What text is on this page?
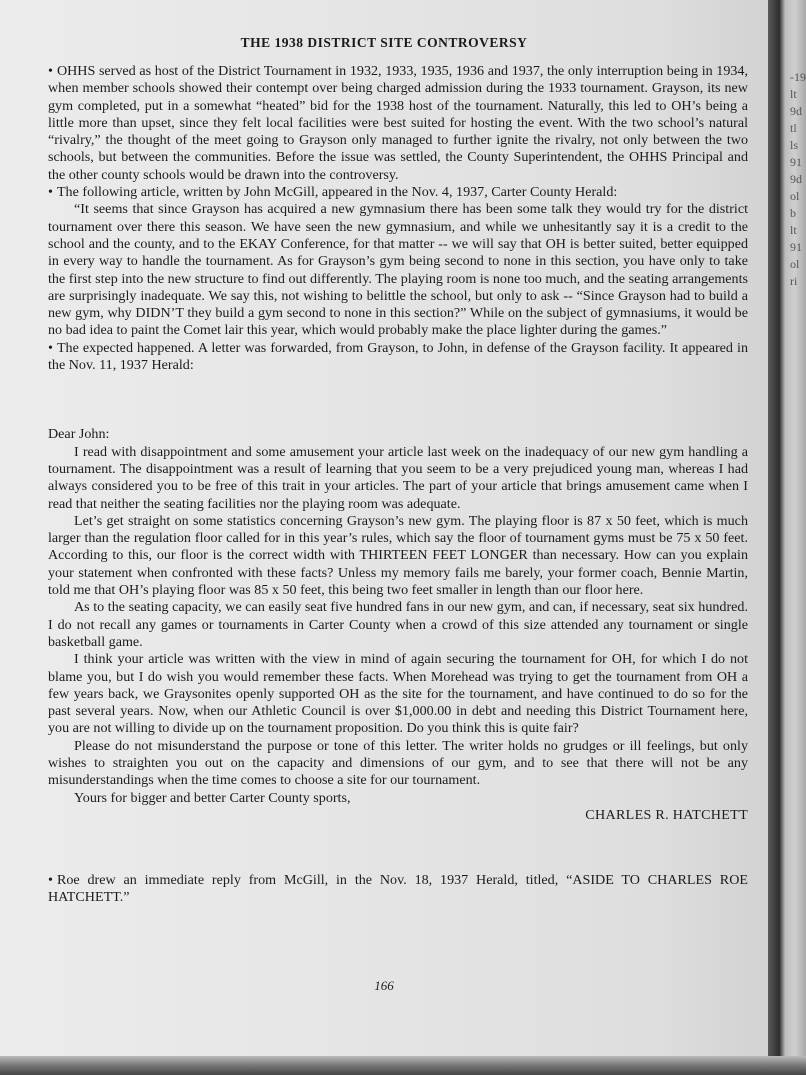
THE 1938 DISTRICT SITE CONTROVERSY

• OHHS served as host of the District Tournament in 1932, 1933, 1935, 1936 and 1937, the only interruption being in 1934, when member schools showed their contempt over being charged admission during the 1933 tournament. Grayson, its new gym completed, put in a somewhat “heated” bid for the 1938 host of the tournament. Naturally, this led to OH’s being a little more than upset, since they felt local facilities were best suited for hosting the event. With the two school’s natural “rivalry,” the thought of the meet going to Grayson only managed to further ignite the rivalry, not only between the two schools, but between the communities. Before the issue was settled, the County Superintendent, the OHHS Principal and the other county schools would be drawn into the controversy.

• The following article, written by John McGill, appeared in the Nov. 4, 1937, Carter County Herald:

“It seems that since Grayson has acquired a new gymnasium there has been some talk they would try for the district tournament over there this season. We have seen the new gymnasium, and while we unhesitantly say it is a credit to the school and the county, and to the EKAY Conference, for that matter -- we will say that OH is better suited, better equipped in every way to handle the tournament. As for Grayson’s gym being second to none in this section, you have only to take the first step into the new structure to find out differently. The playing room is none too much, and the seating arrangements are surprisingly inadequate. We say this, not wishing to belittle the school, but only to ask -- “Since Grayson had to build a new gym, why DIDN’T they build a gym second to none in this section?” While on the subject of gymnasiums, it would be no bad idea to paint the Comet lair this year, which would probably make the place lighter during the games.”

• The expected happened. A letter was forwarded, from Grayson, to John, in defense of the Grayson facility. It appeared in the Nov. 11, 1937 Herald:

Dear John:

I read with disappointment and some amusement your article last week on the inadequacy of our new gym handling a tournament. The disappointment was a result of learning that you seem to be a very prejudiced young man, whereas I had always considered you to be free of this trait in your articles. The part of your article that brings amusement came when I read that neither the seating facilities nor the playing room was adequate.

Let’s get straight on some statistics concerning Grayson’s new gym. The playing floor is 87 x 50 feet, which is much larger than the regulation floor called for in this year’s rules, which say the floor of tournament gyms must be 75 x 50 feet. According to this, our floor is the correct width with THIRTEEN FEET LONGER than necessary. How can you explain your statement when confronted with these facts? Unless my memory fails me barely, your former coach, Bennie Martin, told me that OH’s playing floor was 85 x 50 feet, this being two feet smaller in length than our floor here.

As to the seating capacity, we can easily seat five hundred fans in our new gym, and can, if necessary, seat six hundred. I do not recall any games or tournaments in Carter County when a crowd of this size attended any tournament or single basketball game.

I think your article was written with the view in mind of again securing the tournament for OH, for which I do not blame you, but I do wish you would remember these facts. When Morehead was trying to get the tournament from OH a few years back, we Graysonites openly supported OH as the site for the tournament, and have continued to do so for the past several years. Now, when our Athletic Council is over $1,000.00 in debt and needing this District Tournament here, you are not willing to divide up on the tournament proposition. Do you think this is quite fair?

Please do not misunderstand the purpose or tone of this letter. The writer holds no grudges or ill feelings, but only wishes to straighten you out on the capacity and dimensions of our gym, and to see that there will not be any misunderstandings when the time comes to choose a site for our tournament.

Yours for bigger and better Carter County sports,

CHARLES R. HATCHETT

• Roe drew an immediate reply from McGill, in the Nov. 18, 1937 Herald, titled, “ASIDE TO CHARLES ROE HATCHETT.”

166
-19
lt
9d
tl
ls
91
9d
ol
b
lt
91
ol
ri
